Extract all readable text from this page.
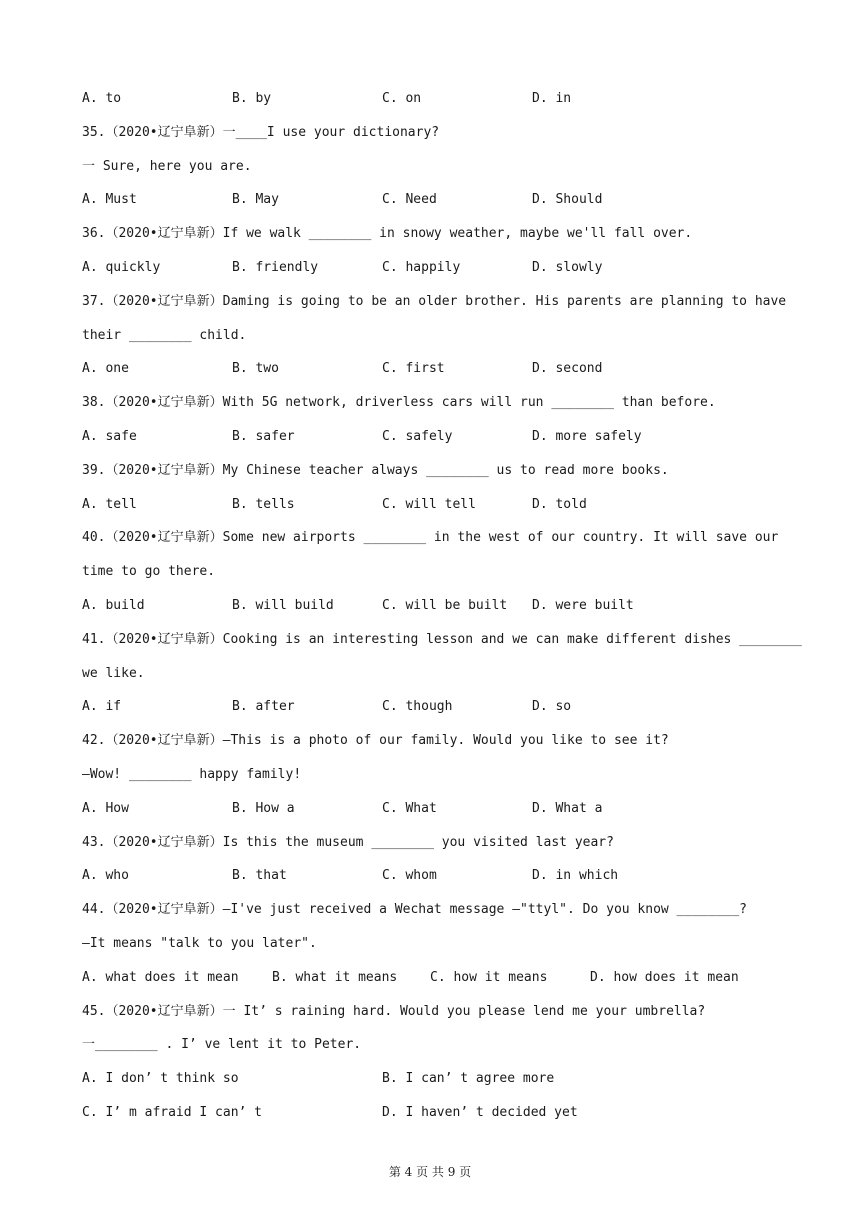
A. to

	B. by

	C. on

	D. in

35.（2020•辽宁阜新）一____I use your dictionary?
一 Sure, here you are.

A. Must

	B. May

	C. Need

	D. Should

36.（2020•辽宁阜新）If we walk ________ in snowy weather, maybe we'll fall over.

A. quickly

	B. friendly

	C. happily

	D. slowly

37.（2020•辽宁阜新）Daming is going to be an older brother. His parents are planning to have
their ________ child.

A. one

	B. two

	C. first

	D. second

38.（2020•辽宁阜新）With 5G network, driverless cars will run ________ than before.

A. safe

	B. safer

	C. safely

	D. more safely

39.（2020•辽宁阜新）My Chinese teacher always ________ us to read more books.

A. tell

	B. tells

	C. will tell

	D. told

40.（2020•辽宁阜新）Some new airports ________ in the west of our country. It will save our
time to go there.

A. build

	B. will build

	C. will be built

D. were built

41.（2020•辽宁阜新）Cooking is an interesting lesson and we can make different dishes ________
we like.

A. if

	B. after

	C. though

	D. so

42.（2020•辽宁阜新）—This is a photo of our family. Would you like to see it?
—Wow! ________ happy family!

A. How

	B. How a

	C. What

	D. What a

43.（2020•辽宁阜新）Is this the museum ________ you visited last year?

A. who

	B. that

	C. whom

	D. in which

44.（2020•辽宁阜新）—I've just received a Wechat message —"ttyl". Do you know ________?
—It means "talk to you later".

A. what does it mean

	B. what it means

	C. how it means

	D. how does it mean

45.（2020•辽宁阜新）一 It’ s raining hard. Would you please lend me your umbrella?
一________ . I’ ve lent it to Peter.

A. I don’ t think so

	B. I can’ t agree more

C. I’ m afraid I can’ t

	D. I haven’ t decided yet

第 4 页 共 9 页
